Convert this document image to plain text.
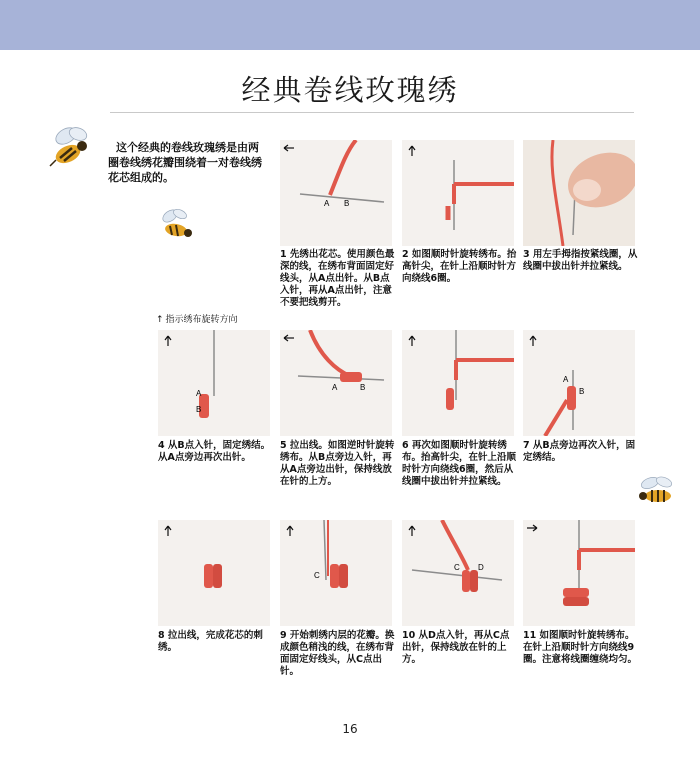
经典卷线玫瑰绣
这个经典的卷线玫瑰绣是由两圈卷线绣花瓣围绕着一对卷线绣花芯组成的。
↑ 指示绣布旋转方向
A B
1 先绣出花芯。使用颜色最深的线，在绣布背面固定好线头，从A点出针。从B点入针，再从A点出针，注意不要把线剪开。
2 如图顺时针旋转绣布。抬高针尖，在针上沿顺时针方向绕线6圈。
3 用左手拇指按紧线圈，从线圈中拔出针并拉紧线。
A
B
4 从B点入针，固定绣结。从A点旁边再次出针。
A	B
5 拉出线。如图逆时针旋转绣布。从B点旁边入针，再从A点旁边出针，保持线放在针的上方。
6 再次如图顺时针旋转绣布。抬高针尖，在针上沿顺时针方向绕线6圈，然后从线圈中拔出针并拉紧线。
A
B
7 从B点旁边再次入针，固定绣结。
8 拉出线，完成花芯的刺绣。
C
9 开始刺绣内层的花瓣。换成颜色稍浅的线，在绣布背面固定好线头，从C点出针。
C D
10 从D点入针，再从C点出针，保持线放在针的上方。
11 如图顺时针旋转绣布。在针上沿顺时针方向绕线9圈。注意将线圈缠绕均匀。
16
